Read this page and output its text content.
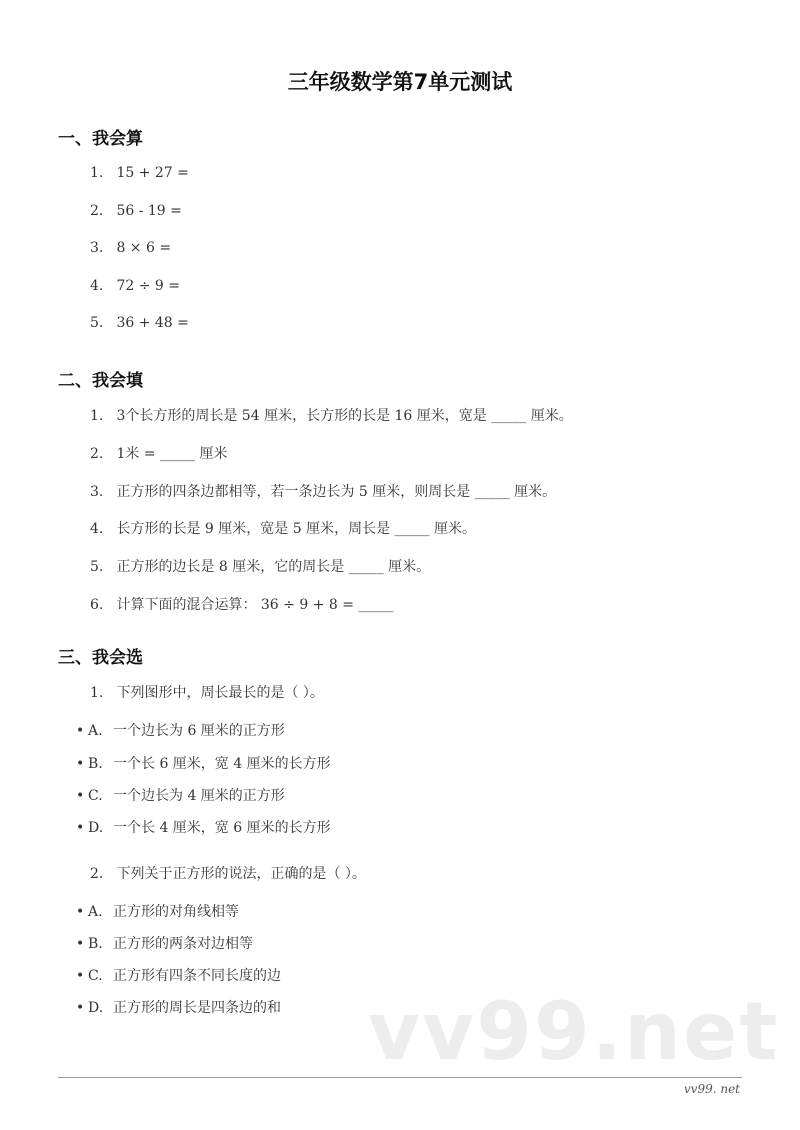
三年级数学第7单元测试
一、我会算
1. 15 + 27 =
2. 56 - 19 =
3. 8 × 6 =
4. 72 ÷ 9 =
5. 36 + 48 =
二、我会填
1. 3个长方形的周长是 54 厘米，长方形的长是 16 厘米，宽是 _____ 厘米。
2. 1米 = _____ 厘米
3. 正方形的四条边都相等，若一条边长为 5 厘米，则周长是 _____ 厘米。
4. 长方形的长是 9 厘米，宽是 5 厘米，周长是 _____ 厘米。
5. 正方形的边长是 8 厘米，它的周长是 _____ 厘米。
6. 计算下面的混合运算： 36 ÷ 9 + 8 = _____
三、我会选
1. 下列图形中，周长最长的是（ ）。
• A. 一个边长为 6 厘米的正方形
• B. 一个长 6 厘米，宽 4 厘米的长方形
• C. 一个边长为 4 厘米的正方形
• D. 一个长 4 厘米，宽 6 厘米的长方形
2. 下列关于正方形的说法，正确的是（ ）。
• A. 正方形的对角线相等
• B. 正方形的两条对边相等
• C. 正方形有四条不同长度的边
• D. 正方形的周长是四条边的和 vv99.net
vv99. net
